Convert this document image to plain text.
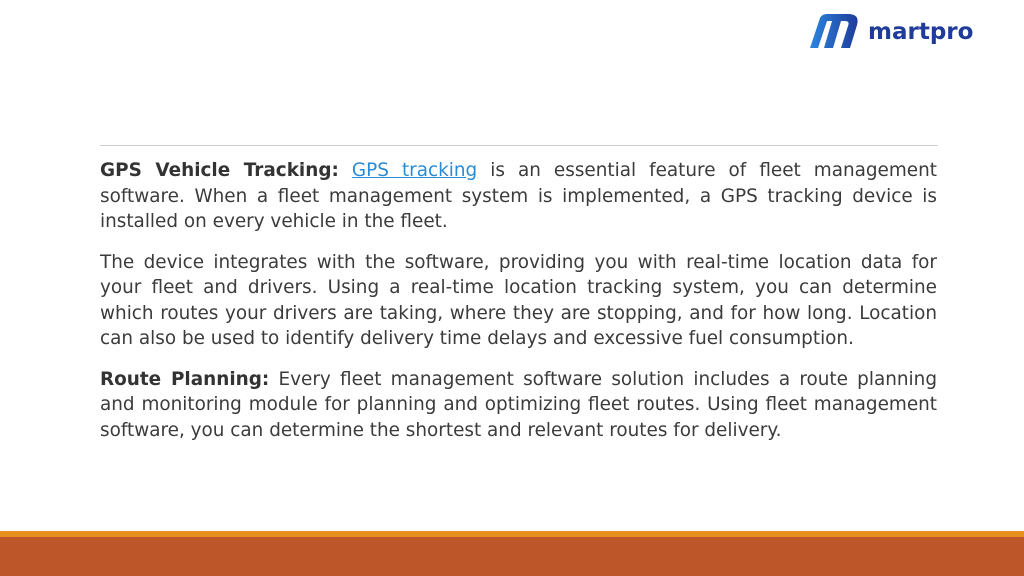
martpro

GPS Vehicle Tracking: GPS tracking is an essential feature of fleet management software. When a fleet management system is implemented, a GPS tracking device is installed on every vehicle in the fleet.

The device integrates with the software, providing you with real-time location data for your fleet and drivers. Using a real-time location tracking system, you can determine which routes your drivers are taking, where they are stopping, and for how long. Location can also be used to identify delivery time delays and excessive fuel consumption.

Route Planning: Every fleet management software solution includes a route planning and monitoring module for planning and optimizing fleet routes. Using fleet management software, you can determine the shortest and relevant routes for delivery.
